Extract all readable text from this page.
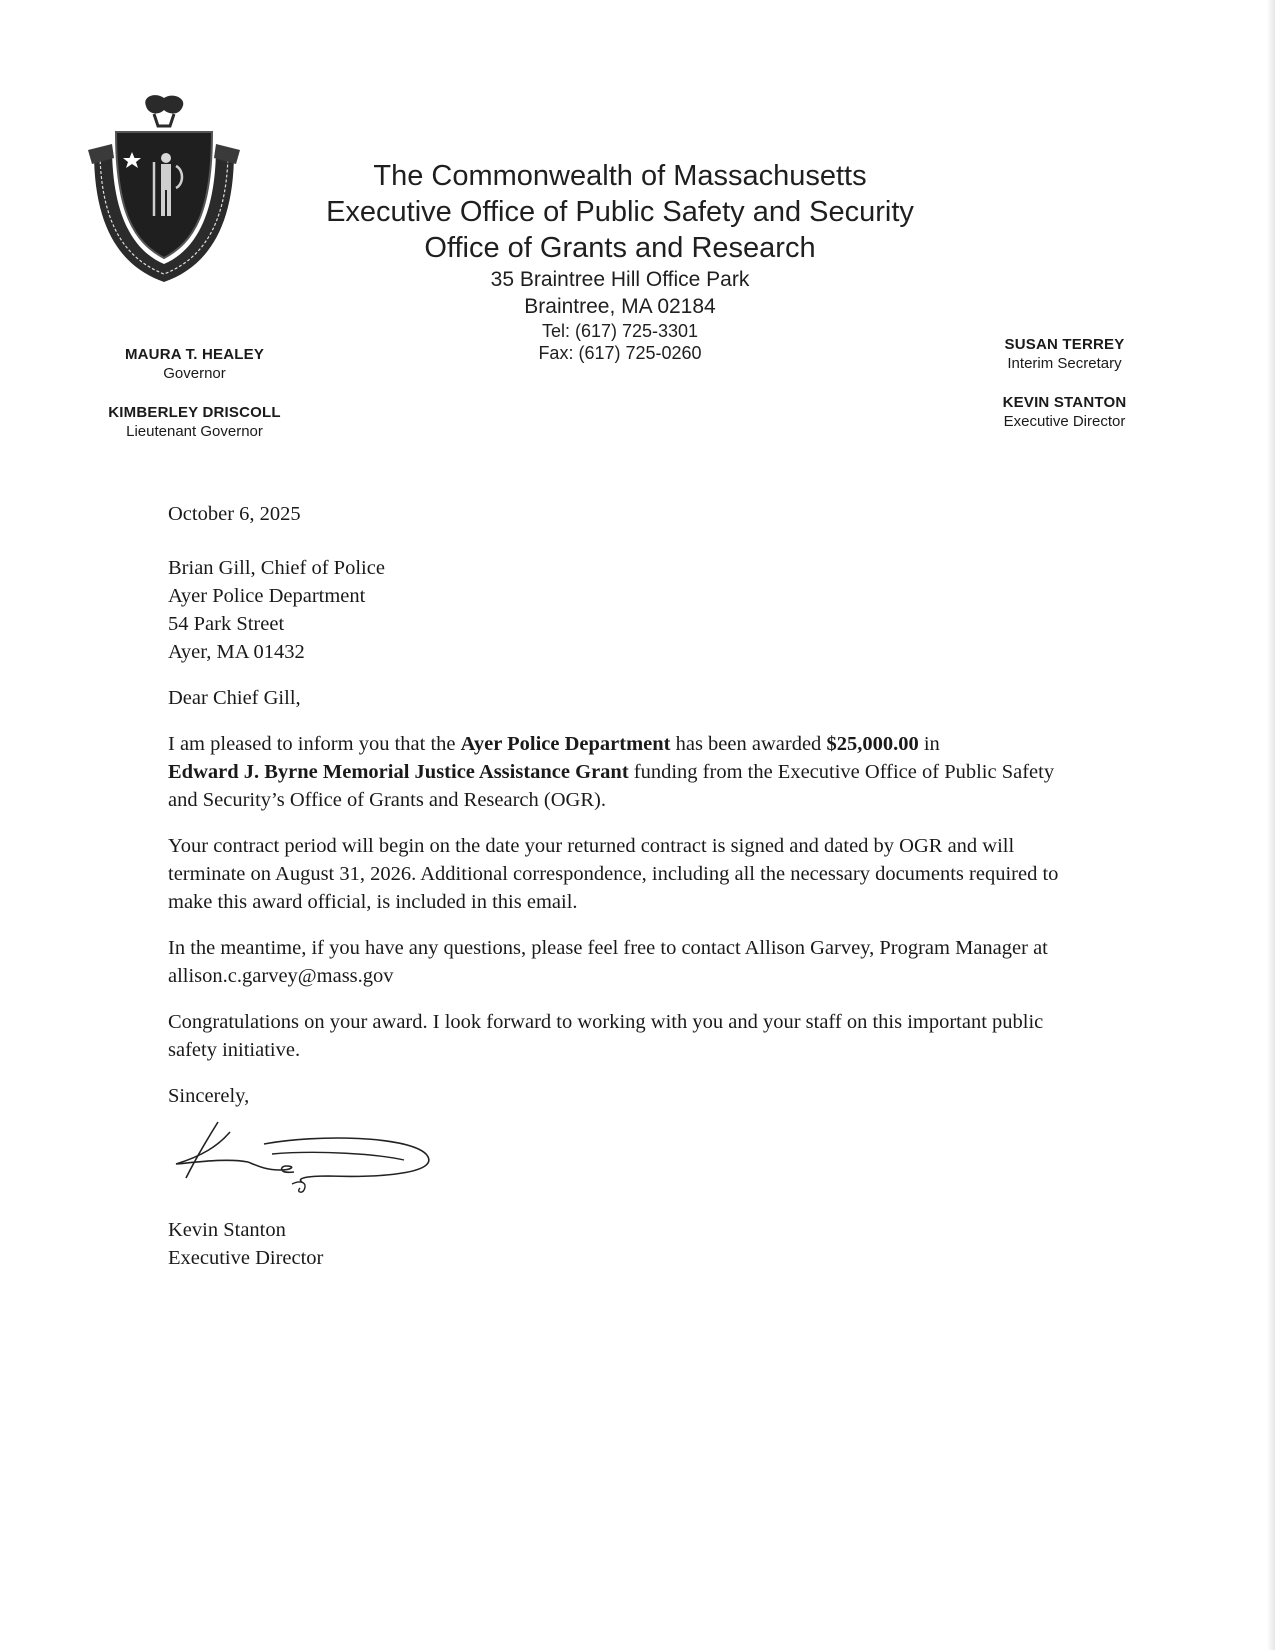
The Commonwealth of Massachusetts
Executive Office of Public Safety and Security
Office of Grants and Research
35 Braintree Hill Office Park
Braintree, MA 02184
Tel: (617) 725-3301
Fax: (617) 725-0260
MAURA T. HEALEY
Governor
KIMBERLEY DRISCOLL
Lieutenant Governor
SUSAN TERREY
Interim Secretary
KEVIN STANTON
Executive Director

October 6, 2025

Brian Gill, Chief of Police

Ayer Police Department

54 Park Street

Ayer, MA 01432

Dear Chief Gill,

I am pleased to inform you that the Ayer Police Department has been awarded $25,000.00 in
Edward J. Byrne Memorial Justice Assistance Grant funding from the Executive Office of Public Safety and Security’s Office of Grants and Research (OGR).

Your contract period will begin on the date your returned contract is signed and dated by OGR and will terminate on August 31, 2026. Additional correspondence, including all the necessary documents required to make this award official, is included in this email.

In the meantime, if you have any questions, please feel free to contact Allison Garvey, Program Manager at allison.c.garvey@mass.gov

Congratulations on your award. I look forward to working with you and your staff on this important public safety initiative.

Sincerely,

Kevin Stanton

Executive Director
